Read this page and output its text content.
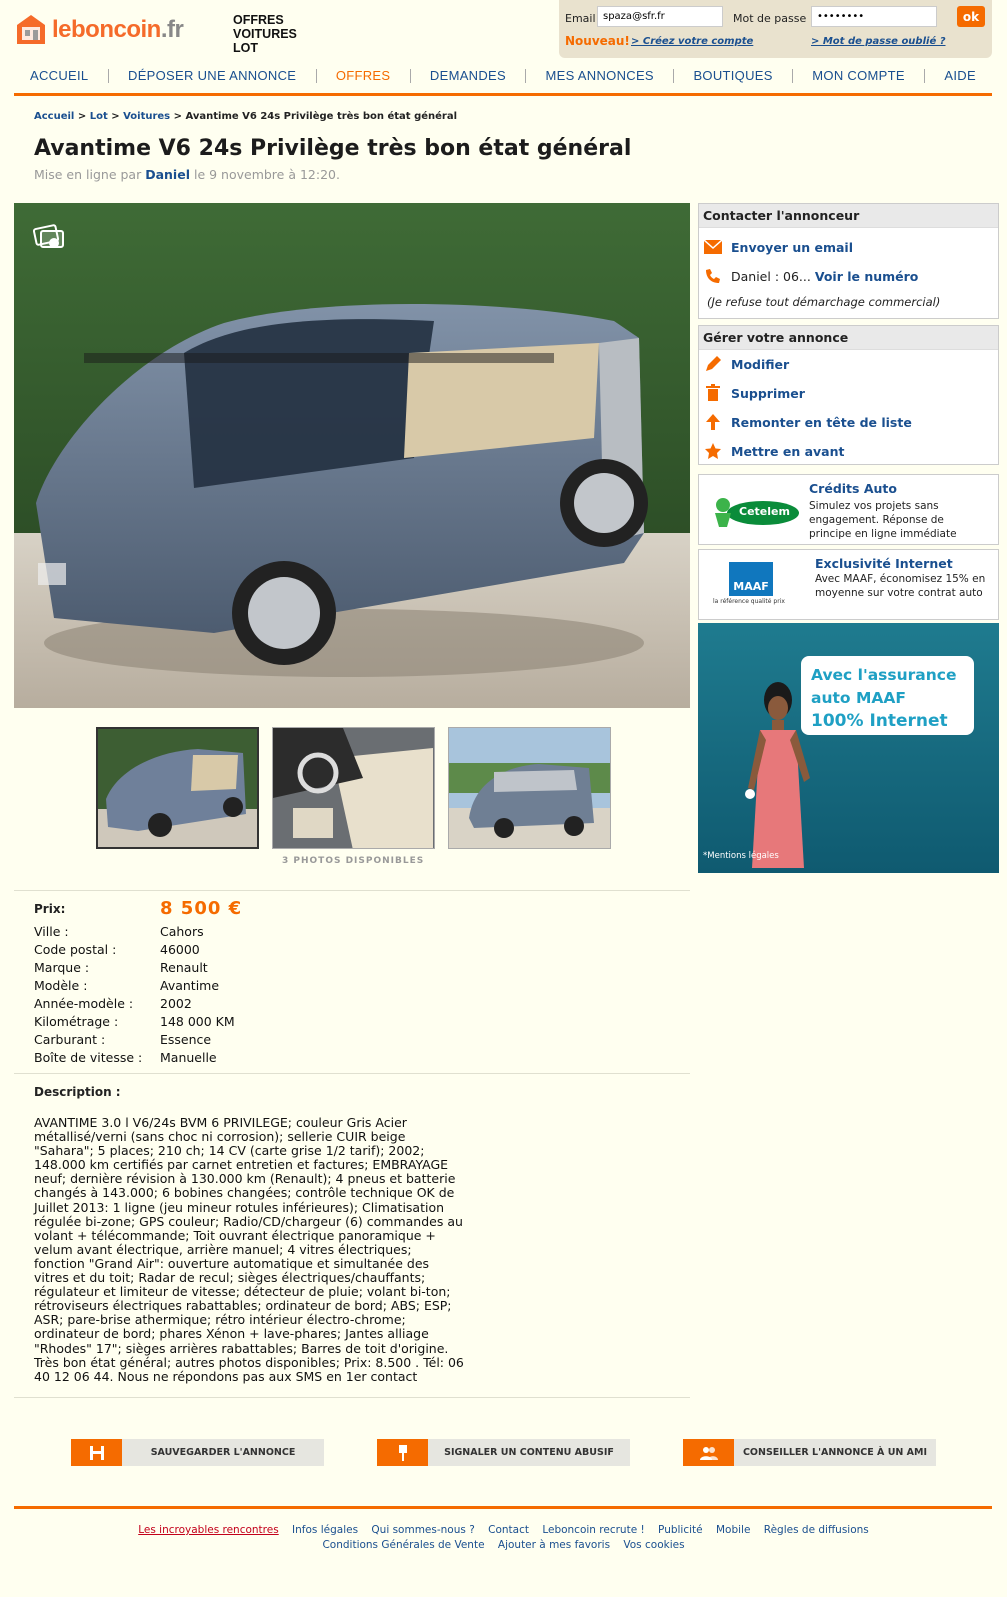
leboncoin.fr	OFFRES
VOITURES
LOT
Email
spaza@sfr.fr	Mot de passe
••••••••	ok
Nouveau! > Créez votre compte	> Mot de passe oublié ?
ACCUEIL	DÉPOSER UNE ANNONCE	OFFRES	DEMANDES	MES ANNONCES	BOUTIQUES	MON COMPTE	AIDE
Accueil > Lot > Voitures > Avantime V6 24s Privilège très bon état général
Avantime V6 24s Privilège très bon état général
Mise en ligne par Daniel le 9 novembre à 12:20.
3 PHOTOS DISPONIBLES
Contacter l'annonceur
Envoyer un email
Daniel : 06... Voir le numéro
(Je refuse tout démarchage commercial)
Gérer votre annonce
Modifier
Supprimer
Remonter en tête de liste
Mettre en avant
Cetelem
Crédits Auto
Simulez vos projets sans engagement. Réponse de principe en ligne immédiate
MAAF
la référence qualité prix
Exclusivité Internet
Avec MAAF, économisez 15% en moyenne sur votre contrat auto
Avec l'assurance
auto MAAF
100% Internet
*Mentions légales
Prix:	8 500 €
Ville :	Cahors
Code postal :	46000
Marque :	Renault
Modèle :	Avantime
Année-modèle :	2002
Kilométrage :	148 000 KM
Carburant :	Essence
Boîte de vitesse :	Manuelle
Description :
AVANTIME 3.0 l V6/24s BVM 6 PRIVILEGE; couleur Gris Acier métallisé/verni (sans choc ni corrosion); sellerie CUIR beige "Sahara"; 5 places; 210 ch; 14 CV (carte grise 1/2 tarif); 2002; 148.000 km certifiés par carnet entretien et factures; EMBRAYAGE neuf; dernière révision à 130.000 km (Renault); 4 pneus et batterie changés à 143.000; 6 bobines changées; contrôle technique OK de Juillet 2013: 1 ligne (jeu mineur rotules inférieures); Climatisation régulée bi-zone; GPS couleur; Radio/CD/chargeur (6) commandes au volant + télécommande; Toit ouvrant électrique panoramique + velum avant électrique, arrière manuel; 4 vitres électriques; fonction "Grand Air": ouverture automatique et simultanée des vitres et du toit; Radar de recul; sièges électriques/chauffants; régulateur et limiteur de vitesse; détecteur de pluie; volant bi-ton; rétroviseurs électriques rabattables; ordinateur de bord; ABS; ESP; ASR; pare-brise athermique; rétro intérieur électro-chrome; ordinateur de bord; phares Xénon + lave-phares; Jantes alliage "Rhodes" 17"; sièges arrières rabattables; Barres de toit d'origine. Très bon état général; autres photos disponibles; Prix: 8.500 . Tél: 06 40 12 06 44. Nous ne répondons pas aux SMS en 1er contact
SAUVEGARDER L'ANNONCE	SIGNALER UN CONTENU ABUSIF	CONSEILLER L'ANNONCE À UN AMI
Les incroyables rencontres Infos légales Qui sommes-nous ? Contact Leboncoin recrute ! Publicité Mobile Règles de diffusions
Conditions Générales de Vente Ajouter à mes favoris Vos cookies
